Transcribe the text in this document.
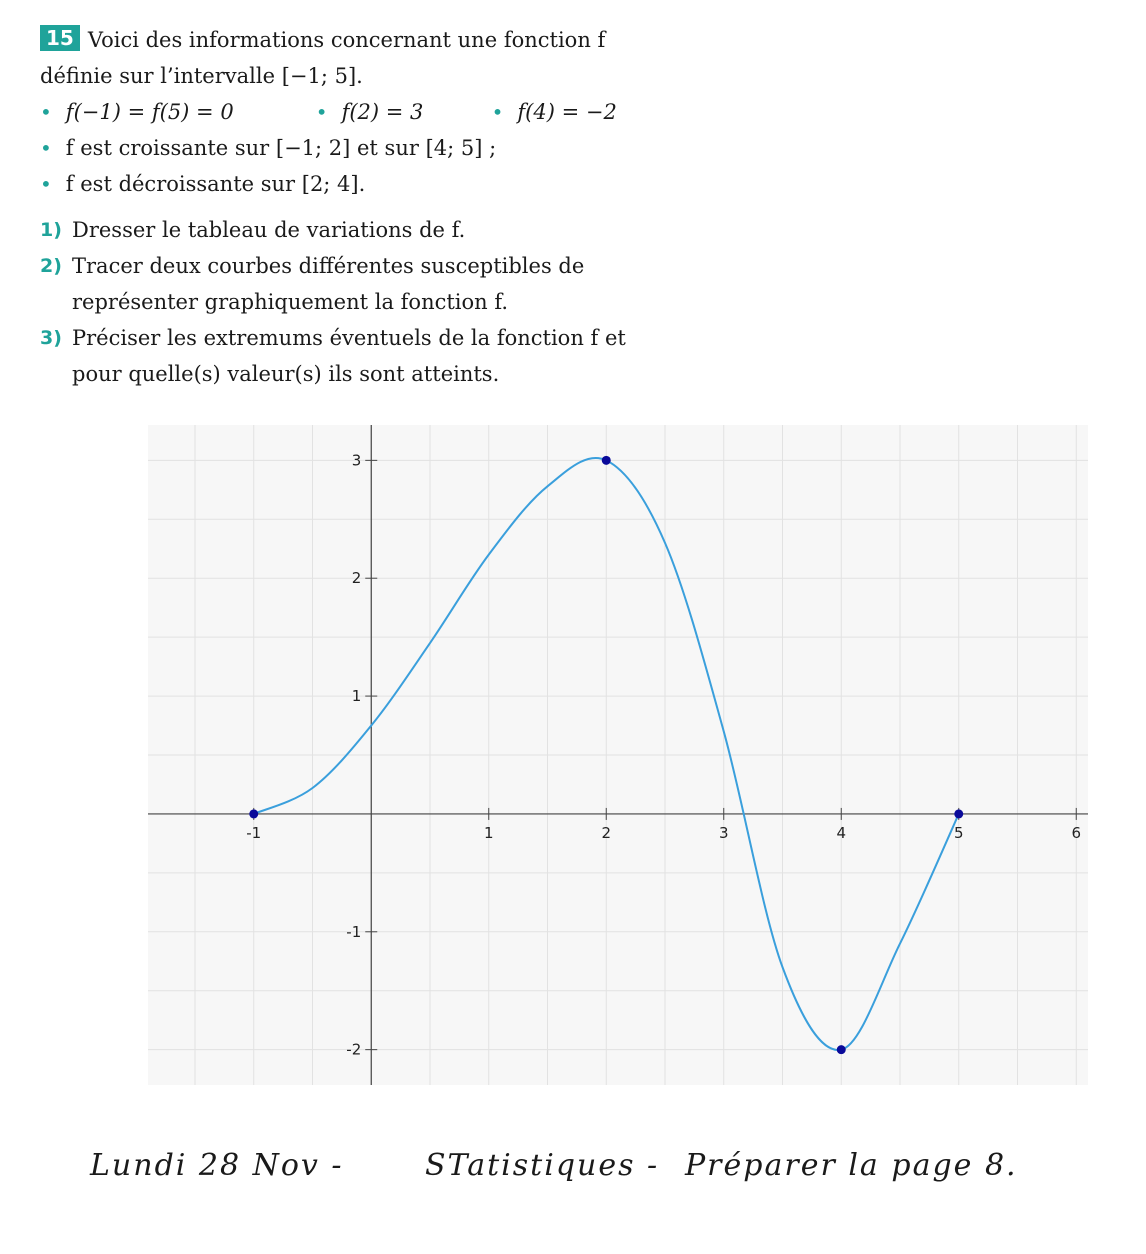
15 Voici des informations concernant une fonction f
définie sur l’intervalle [−1; 5].
• f(−1) = f(5) = 0	• f(2) = 3	• f(4) = −2
• f est croissante sur [−1; 2] et sur [4; 5] ;
• f est décroissante sur [2; 4].
1) Dresser le tableau de variations de f.
2) Tracer deux courbes différentes susceptibles de représenter graphiquement la fonction f.
3) Préciser les extremums éventuels de la fonction f et pour quelle(s) valeur(s) ils sont atteints.
-1	1	2	3	4	5	6
-2
-1
1
2
3
Lundi 28 Nov -	STatistiques - Préparer la page 8.
